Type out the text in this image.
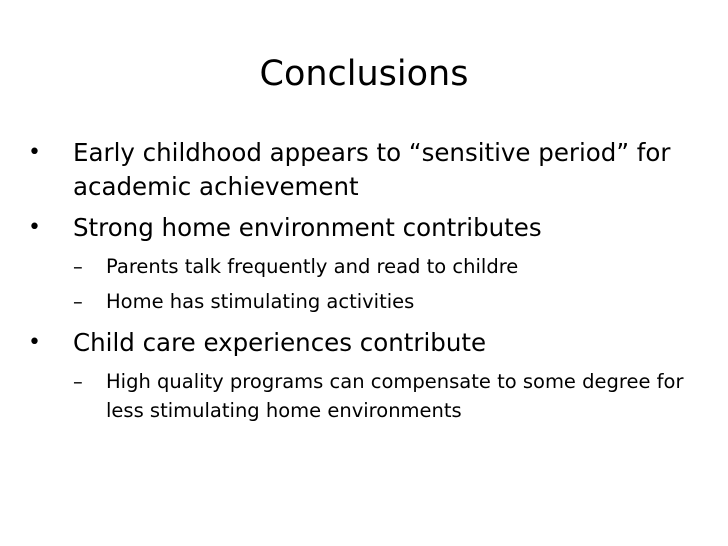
Conclusions
•	Early childhood appears to “sensitive period” for academic achievement
•	Strong home environment contributes
–	Parents talk frequently and read to childre
–	Home has stimulating activities
•	Child care experiences contribute
–	High quality programs can compensate to some degree for less stimulating home environments
